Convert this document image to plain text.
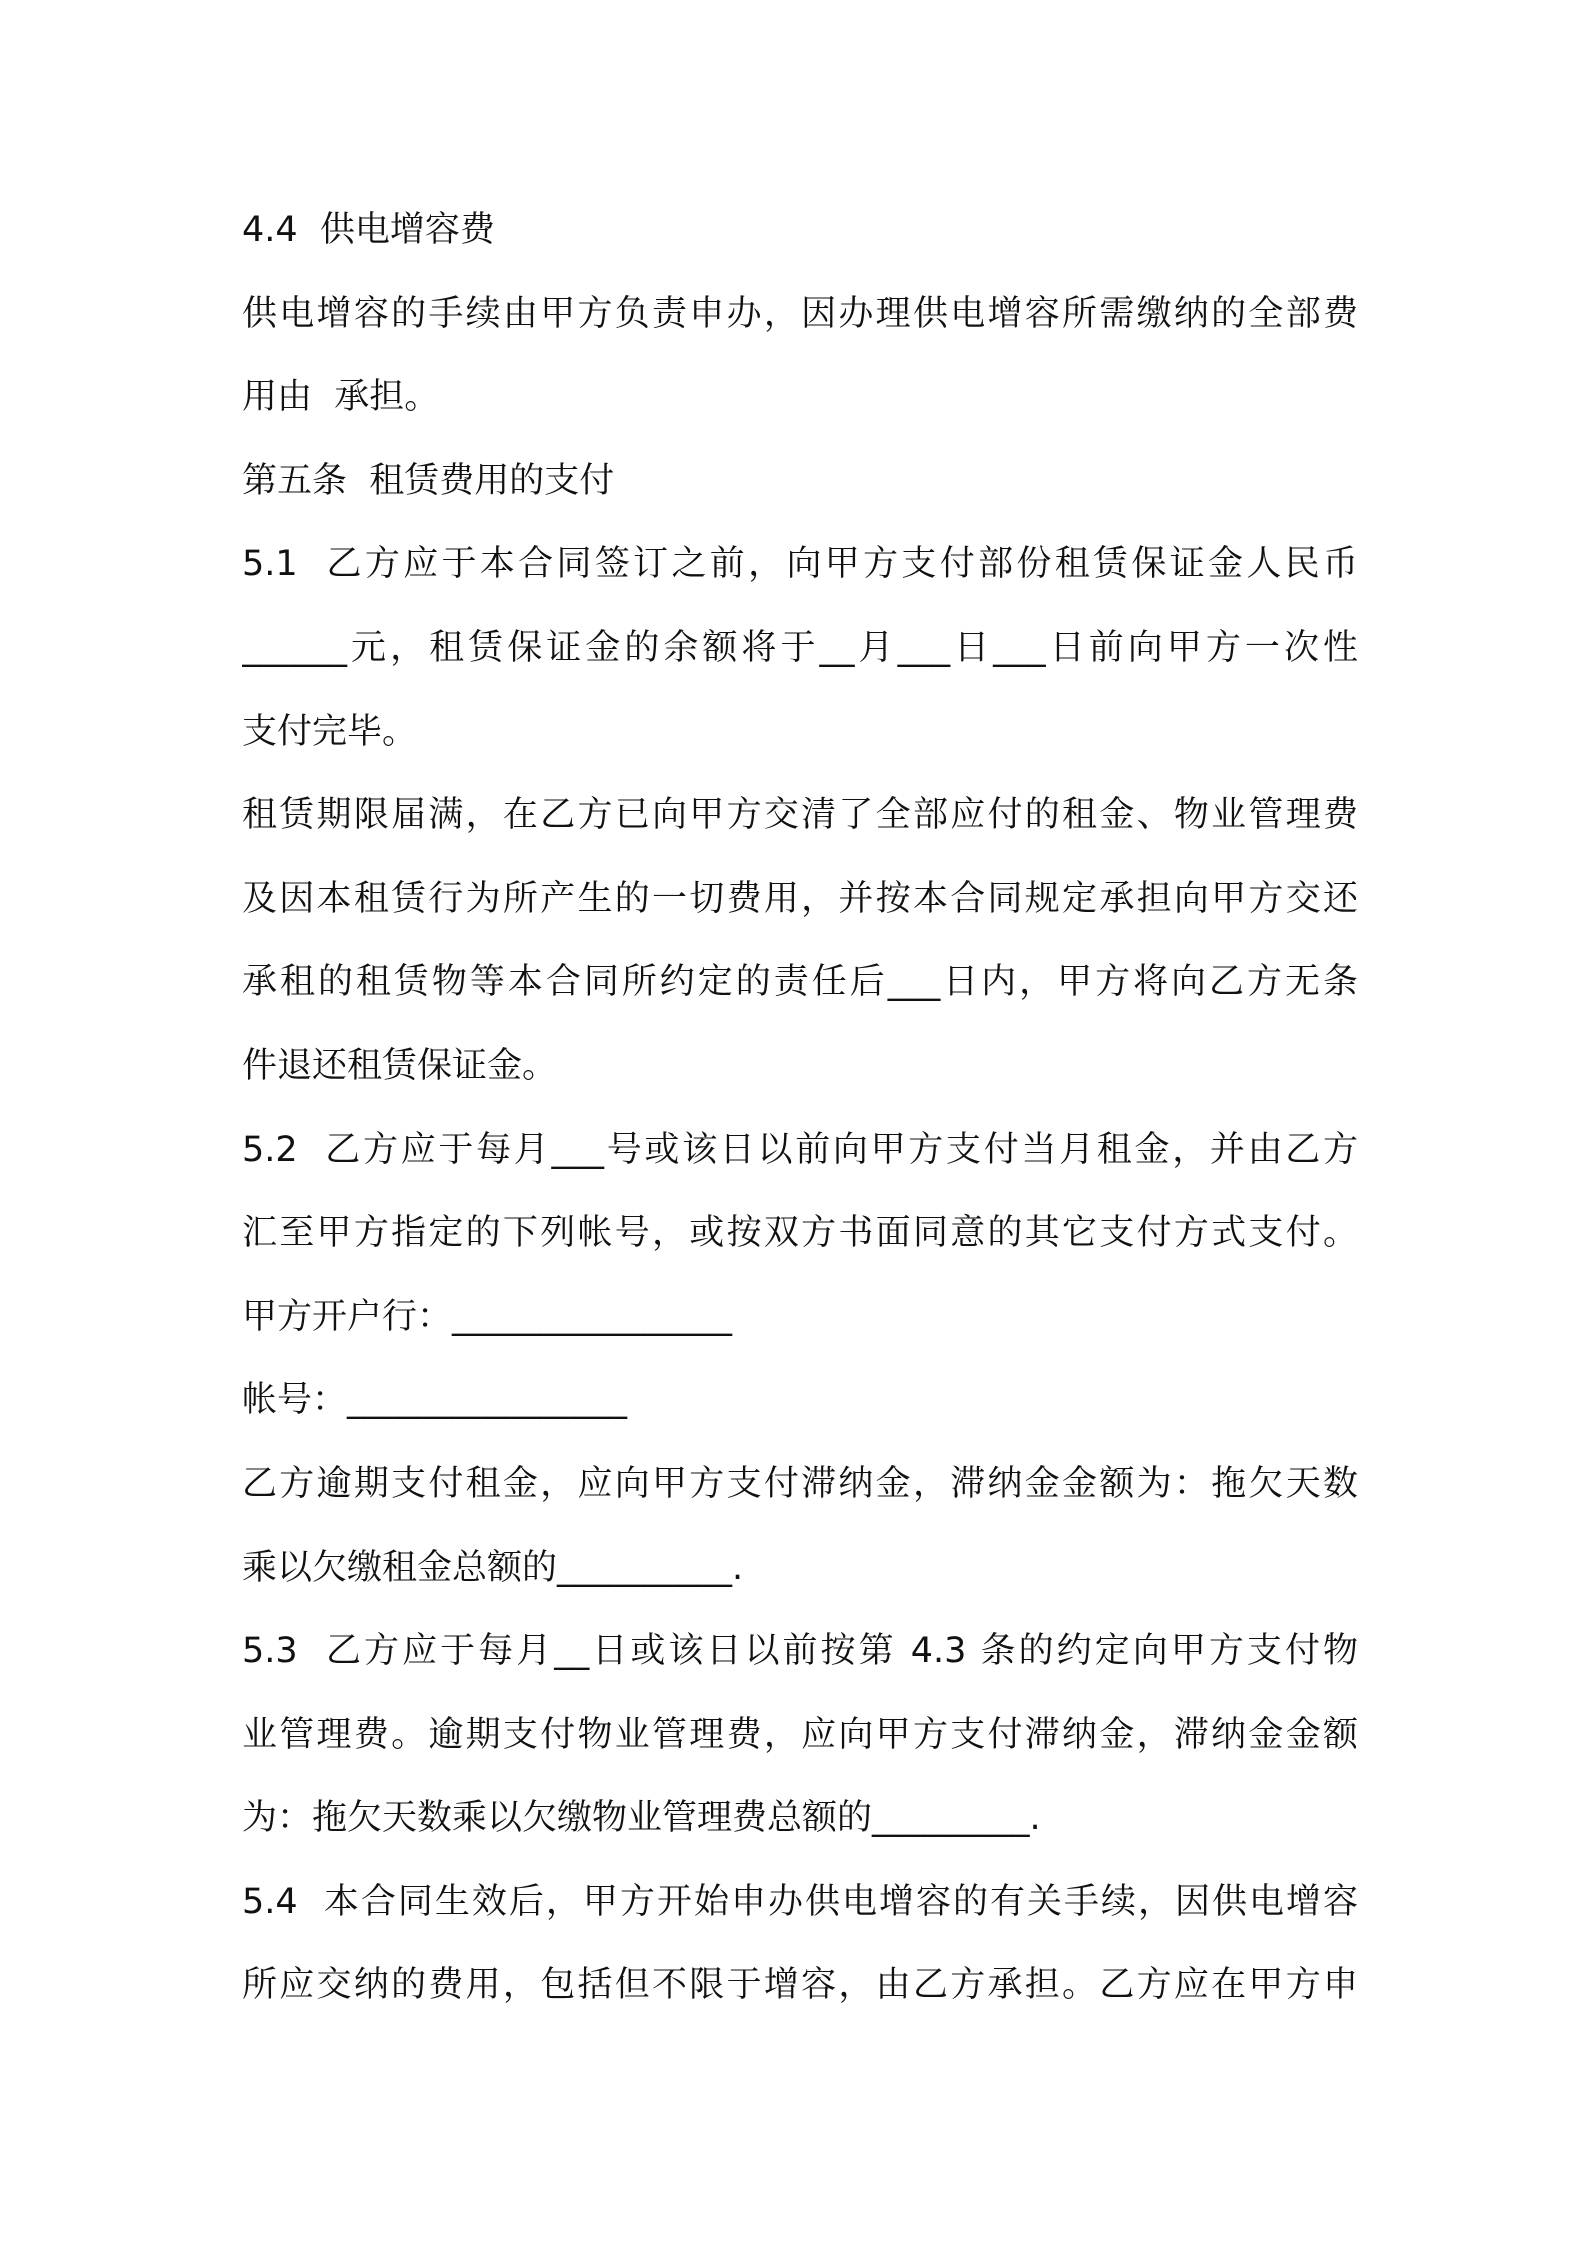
4.4  供电增容费
供电增容的手续由甲方负责申办，因办理供电增容所需缴纳的全部费
用由  承担。
第五条  租赁费用的支付
5.1  乙方应于本合同签订之前，向甲方支付部份租赁保证金人民币
______元，租赁保证金的余额将于__月___日___日前向甲方一次性
支付完毕。
租赁期限届满，在乙方已向甲方交清了全部应付的租金、物业管理费
及因本租赁行为所产生的一切费用，并按本合同规定承担向甲方交还
承租的租赁物等本合同所约定的责任后___日内，甲方将向乙方无条
件退还租赁保证金。
5.2  乙方应于每月___号或该日以前向甲方支付当月租金，并由乙方
汇至甲方指定的下列帐号，或按双方书面同意的其它支付方式支付。
甲方开户行：________________
帐号：________________
乙方逾期支付租金，应向甲方支付滞纳金，滞纳金金额为：拖欠天数
乘以欠缴租金总额的__________.
5.3  乙方应于每月__日或该日以前按第 4.3 条的约定向甲方支付物
业管理费。逾期支付物业管理费，应向甲方支付滞纳金，滞纳金金额
为：拖欠天数乘以欠缴物业管理费总额的_________.
5.4  本合同生效后，甲方开始申办供电增容的有关手续，因供电增容
所应交纳的费用，包括但不限于增容，由乙方承担。乙方应在甲方申
